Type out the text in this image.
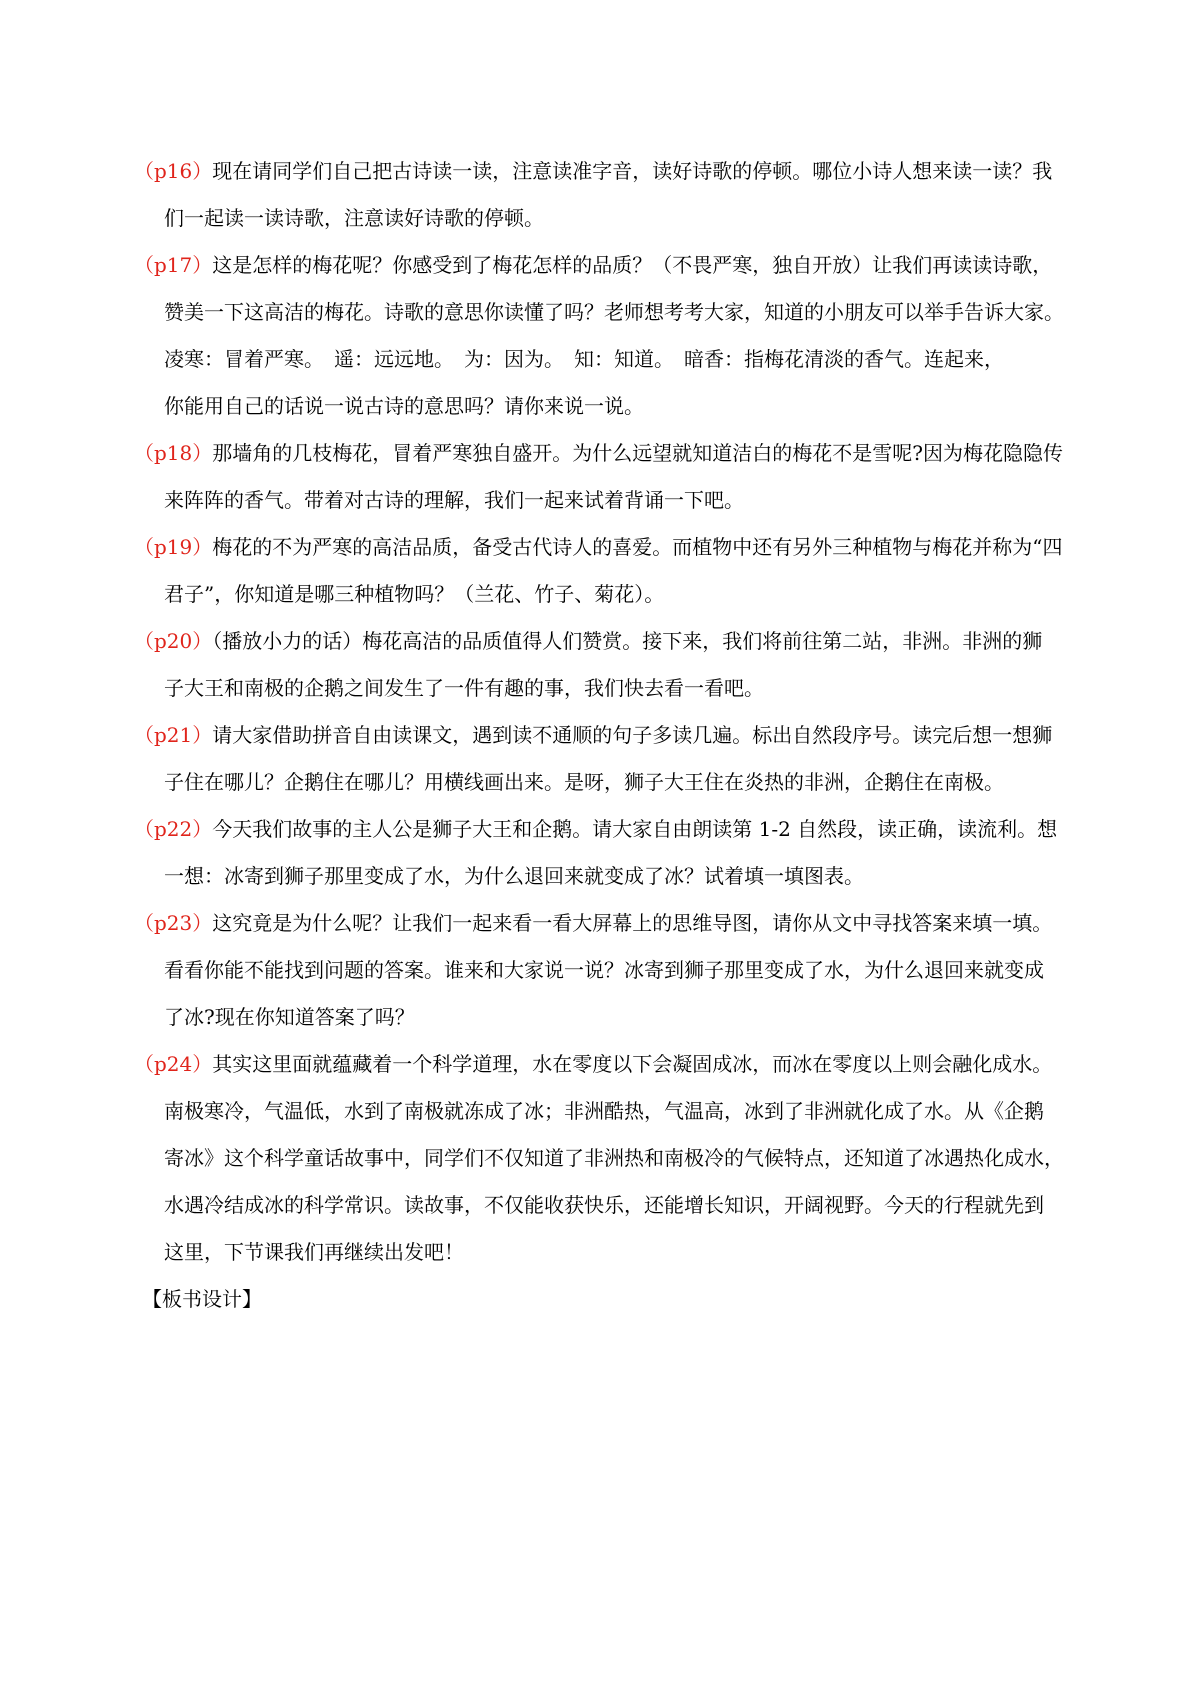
（p16）现在请同学们自己把古诗读一读，注意读准字音，读好诗歌的停顿。哪位小诗人想来读一读？我
们一起读一读诗歌，注意读好诗歌的停顿。

（p17）这是怎样的梅花呢？你感受到了梅花怎样的品质？（不畏严寒，独自开放）让我们再读读诗歌，
赞美一下这高洁的梅花。诗歌的意思你读懂了吗？老师想考考大家，知道的小朋友可以举手告诉大家。
凌寒：冒着严寒。　遥：远远地。　为：因为。　知：知道。　暗香：指梅花清淡的香气。连起来，
你能用自己的话说一说古诗的意思吗？请你来说一说。

（p18）那墙角的几枝梅花，冒着严寒独自盛开。为什么远望就知道洁白的梅花不是雪呢?因为梅花隐隐传
来阵阵的香气。带着对古诗的理解，我们一起来试着背诵一下吧。

（p19）梅花的不为严寒的高洁品质，备受古代诗人的喜爱。而植物中还有另外三种植物与梅花并称为“四
君子”，你知道是哪三种植物吗？（兰花、竹子、菊花）。

（p20）（播放小力的话）梅花高洁的品质值得人们赞赏。接下来，我们将前往第二站，非洲。非洲的狮
子大王和南极的企鹅之间发生了一件有趣的事，我们快去看一看吧。

（p21）请大家借助拼音自由读课文，遇到读不通顺的句子多读几遍。标出自然段序号。读完后想一想狮
子住在哪儿？企鹅住在哪儿？用横线画出来。是呀，狮子大王住在炎热的非洲，企鹅住在南极。

（p22）今天我们故事的主人公是狮子大王和企鹅。请大家自由朗读第 1-2 自然段，读正确，读流利。想
一想：冰寄到狮子那里变成了水，为什么退回来就变成了冰？试着填一填图表。

（p23）这究竟是为什么呢？让我们一起来看一看大屏幕上的思维导图，请你从文中寻找答案来填一填。
看看你能不能找到问题的答案。谁来和大家说一说？冰寄到狮子那里变成了水，为什么退回来就变成
了冰?现在你知道答案了吗？

（p24）其实这里面就蕴藏着一个科学道理，水在零度以下会凝固成冰，而冰在零度以上则会融化成水。
南极寒冷，气温低，水到了南极就冻成了冰；非洲酷热，气温高，冰到了非洲就化成了水。从《企鹅
寄冰》这个科学童话故事中，同学们不仅知道了非洲热和南极冷的气候特点，还知道了冰遇热化成水，
水遇冷结成冰的科学常识。读故事，不仅能收获快乐，还能增长知识，开阔视野。今天的行程就先到
这里，下节课我们再继续出发吧！

【板书设计】
